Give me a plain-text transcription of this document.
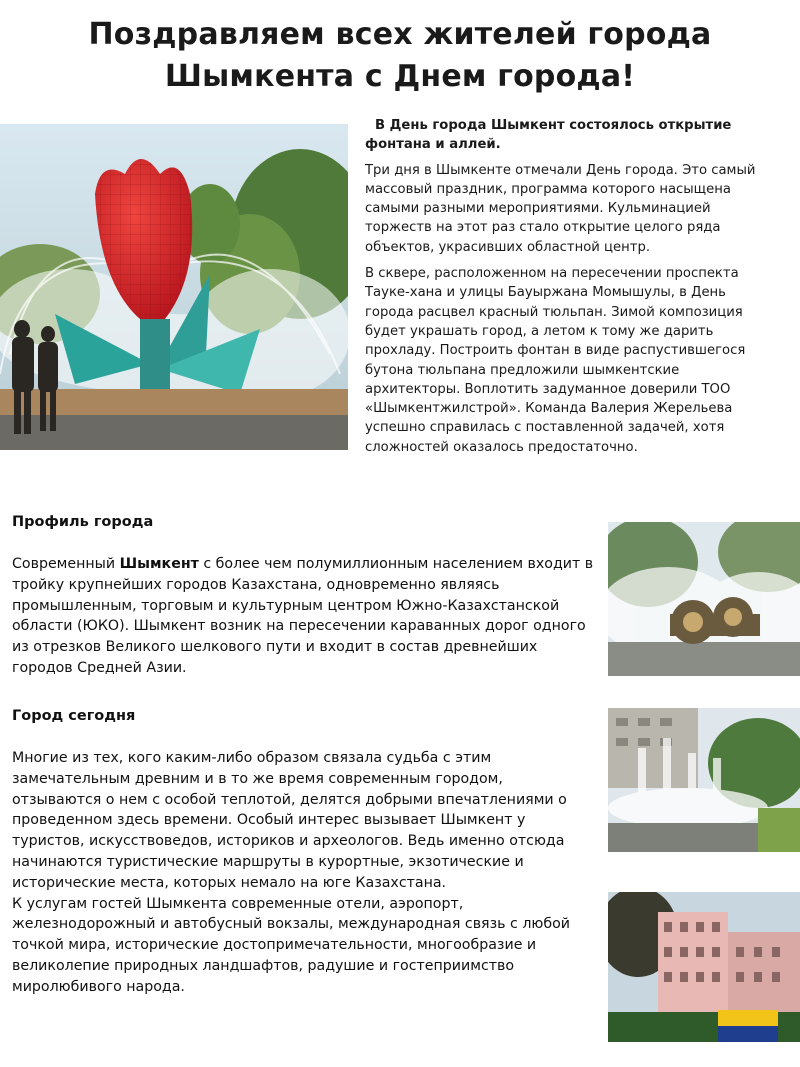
Поздравляем всех жителей города
Шымкента с Днем города!

В День города Шымкент состоялось открытие фонтана и аллей.

Три дня в Шымкенте отмечали День города. Это самый массовый праздник, программа которого насыщена самыми разными мероприятиями. Кульминацией торжеств на этот раз стало открытие целого ряда объектов, украсивших областной центр.

В сквере, расположенном на пересечении проспекта Тауке-хана и улицы Бауыржана Момышулы, в День города расцвел красный тюльпан. Зимой композиция будет украшать город, а летом к тому же дарить прохладу. Построить фонтан в виде распустившегося бутона тюльпана предложили шымкентские архитекторы. Воплотить задуманное доверили ТОО «Шымкентжилстрой». Команда Валерия Жерельева успешно справилась с поставленной задачей, хотя сложностей оказалось предостаточно.

Профиль города

Современный Шымкент с более чем полумиллионным населением входит в тройку крупнейших городов Казахстана, одновременно являясь промышленным, торговым и культурным центром Южно-Казахстанской области (ЮКО). Шымкент возник на пересечении караванных дорог одного из отрезков Великого шелкового пути и входит в состав древнейших городов Средней Азии.

Город сегодня

Многие из тех, кого каким-либо образом связала судьба с этим замечательным древним и в то же время современным городом, отзываются о нем с особой теплотой, делятся добрыми впечатлениями о проведенном здесь времени. Особый интерес вызывает Шымкент у туристов, искусствоведов, историков и археологов. Ведь именно отсюда начинаются туристические маршруты в курортные, экзотические и исторические места, которых немало на юге Казахстана.

К услугам гостей Шымкента современные отели, аэропорт, железнодорожный и автобусный вокзалы, международная связь с любой точкой мира, исторические достопримечательности, многообразие и великолепие природных ландшафтов, радушие и гостеприимство миролюбивого народа.
